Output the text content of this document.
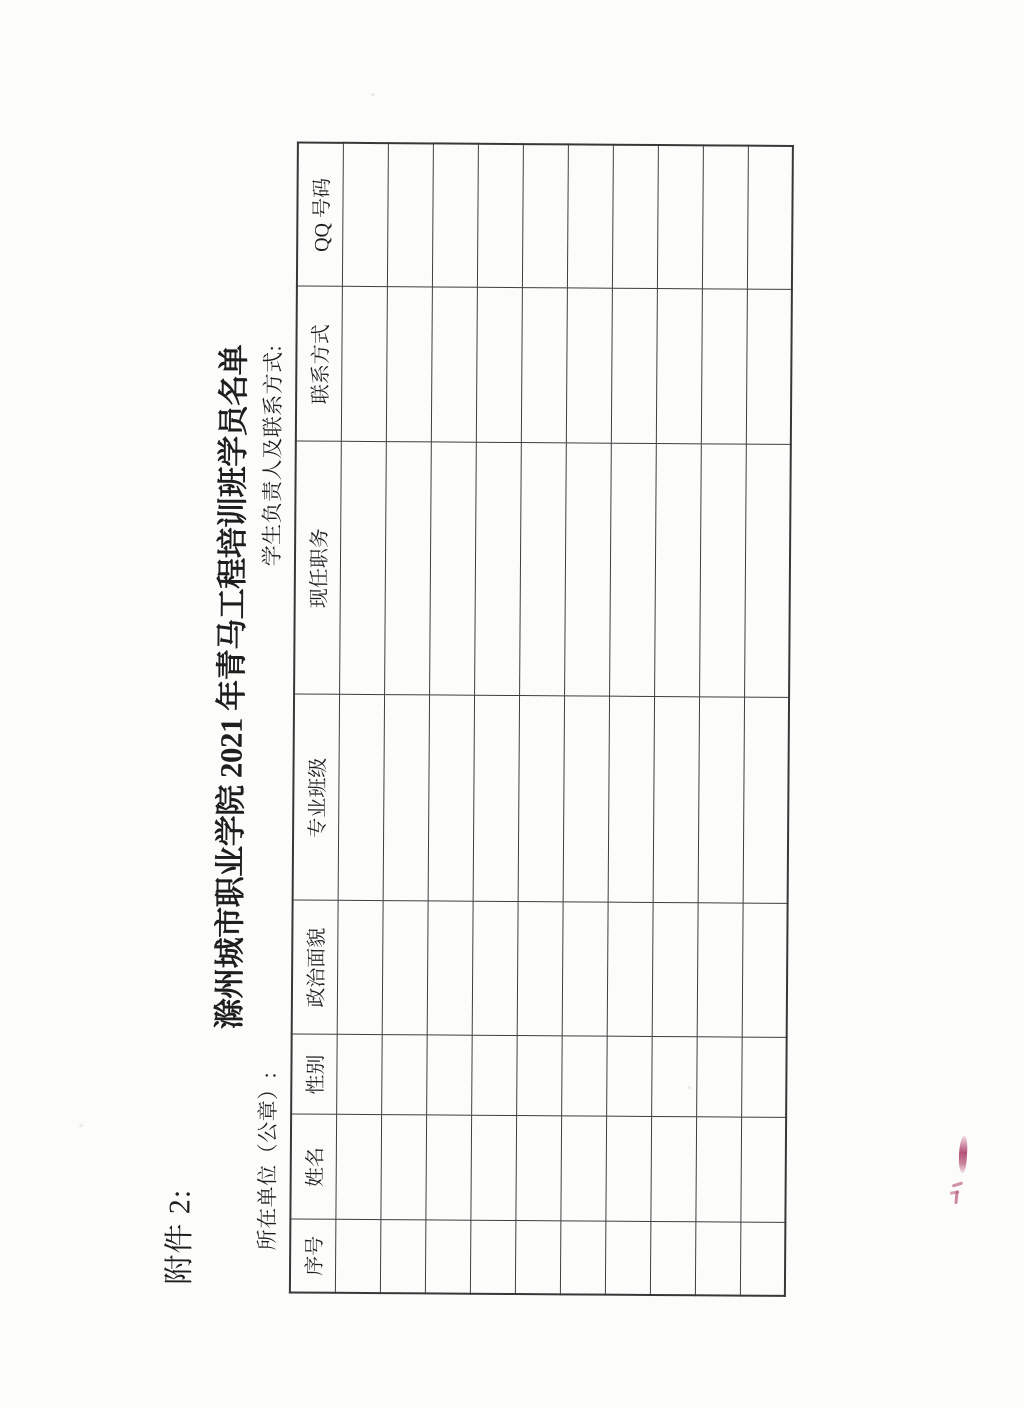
附件 2:
滁州城市职业学院 2021 年青马工程培训班学员名单
所在单位（公章）:
学生负责人及联系方式:
序号	姓名	性别	政治面貌	专业班级	现任职务	联系方式	QQ 号码
